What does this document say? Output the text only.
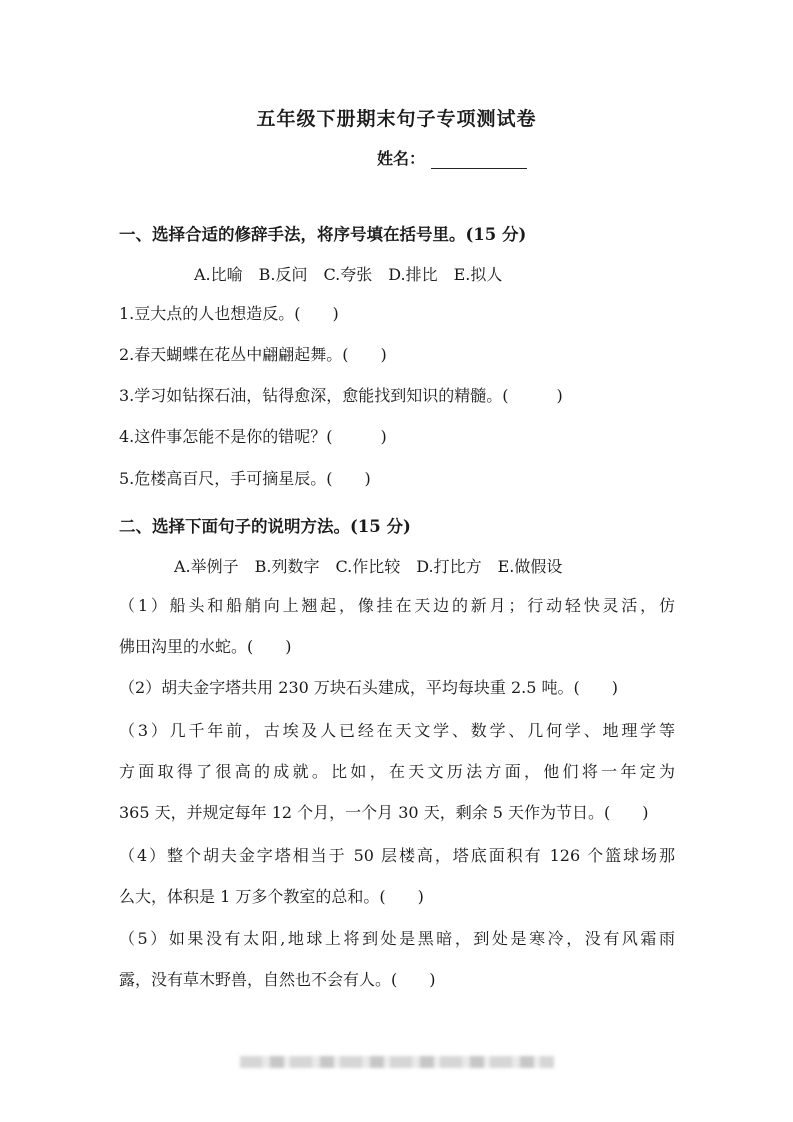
五年级下册期末句子专项测试卷
姓名：
一、选择合适的修辞手法，将序号填在括号里。(15 分)
A.比喻　B.反问　C.夸张　D.排比　E.拟人
1.豆大点的人也想造反。(　　)
2.春天蝴蝶在花丛中翩翩起舞。(　　)
3.学习如钻探石油，钻得愈深，愈能找到知识的精髓。(　　　)
4.这件事怎能不是你的错呢？(　　　)
5.危楼高百尺，手可摘星辰。(　　)
二、选择下面句子的说明方法。(15 分)
A.举例子　B.列数字　C.作比较　D.打比方　E.做假设
（1）船头和船艄向上翘起，像挂在天边的新月；行动轻快灵活，仿
佛田沟里的水蛇。(　　)
（2）胡夫金字塔共用 230 万块石头建成，平均每块重 2.5 吨。(　　)
（3）几千年前，古埃及人已经在天文学、数学、几何学、地理学等
方面取得了很高的成就。比如，在天文历法方面，他们将一年定为
365 天，并规定每年 12 个月，一个月 30 天，剩余 5 天作为节日。(　　)
（4）整个胡夫金字塔相当于 50 层楼高，塔底面积有 126 个篮球场那
么大，体积是 1 万多个教室的总和。(　　)
（5）如果没有太阳,地球上将到处是黑暗，到处是寒冷，没有风霜雨
露，没有草木野兽，自然也不会有人。(　　)
